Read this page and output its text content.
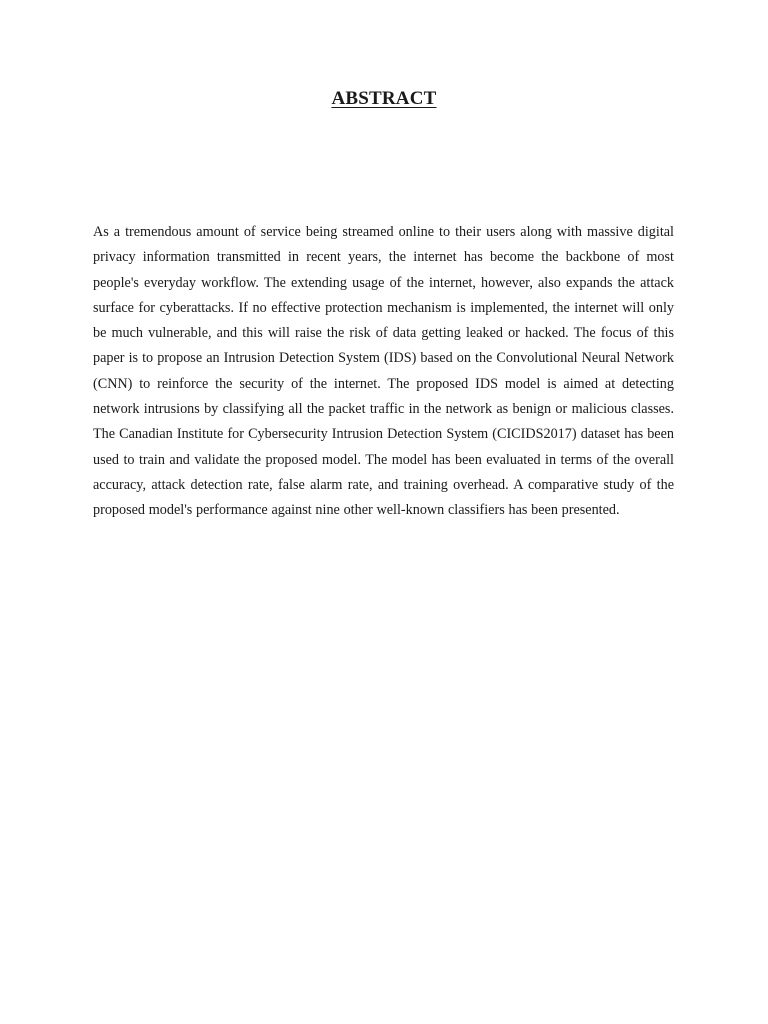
ABSTRACT

As a tremendous amount of service being streamed online to their users along with massive digital privacy information transmitted in recent years, the internet has become the backbone of most people's everyday workflow. The extending usage of the internet, however, also expands the attack surface for cyberattacks. If no effective protection mechanism is implemented, the internet will only be much vulnerable, and this will raise the risk of data getting leaked or hacked. The focus of this paper is to propose an Intrusion Detection System (IDS) based on the Convolutional Neural Network (CNN) to reinforce the security of the internet. The proposed IDS model is aimed at detecting network intrusions by classifying all the packet traffic in the network as benign or malicious classes. The Canadian Institute for Cybersecurity Intrusion Detection System (CICIDS2017) dataset has been used to train and validate the proposed model. The model has been evaluated in terms of the overall accuracy, attack detection rate, false alarm rate, and training overhead. A comparative study of the proposed model's performance against nine other well-known classifiers has been presented.
